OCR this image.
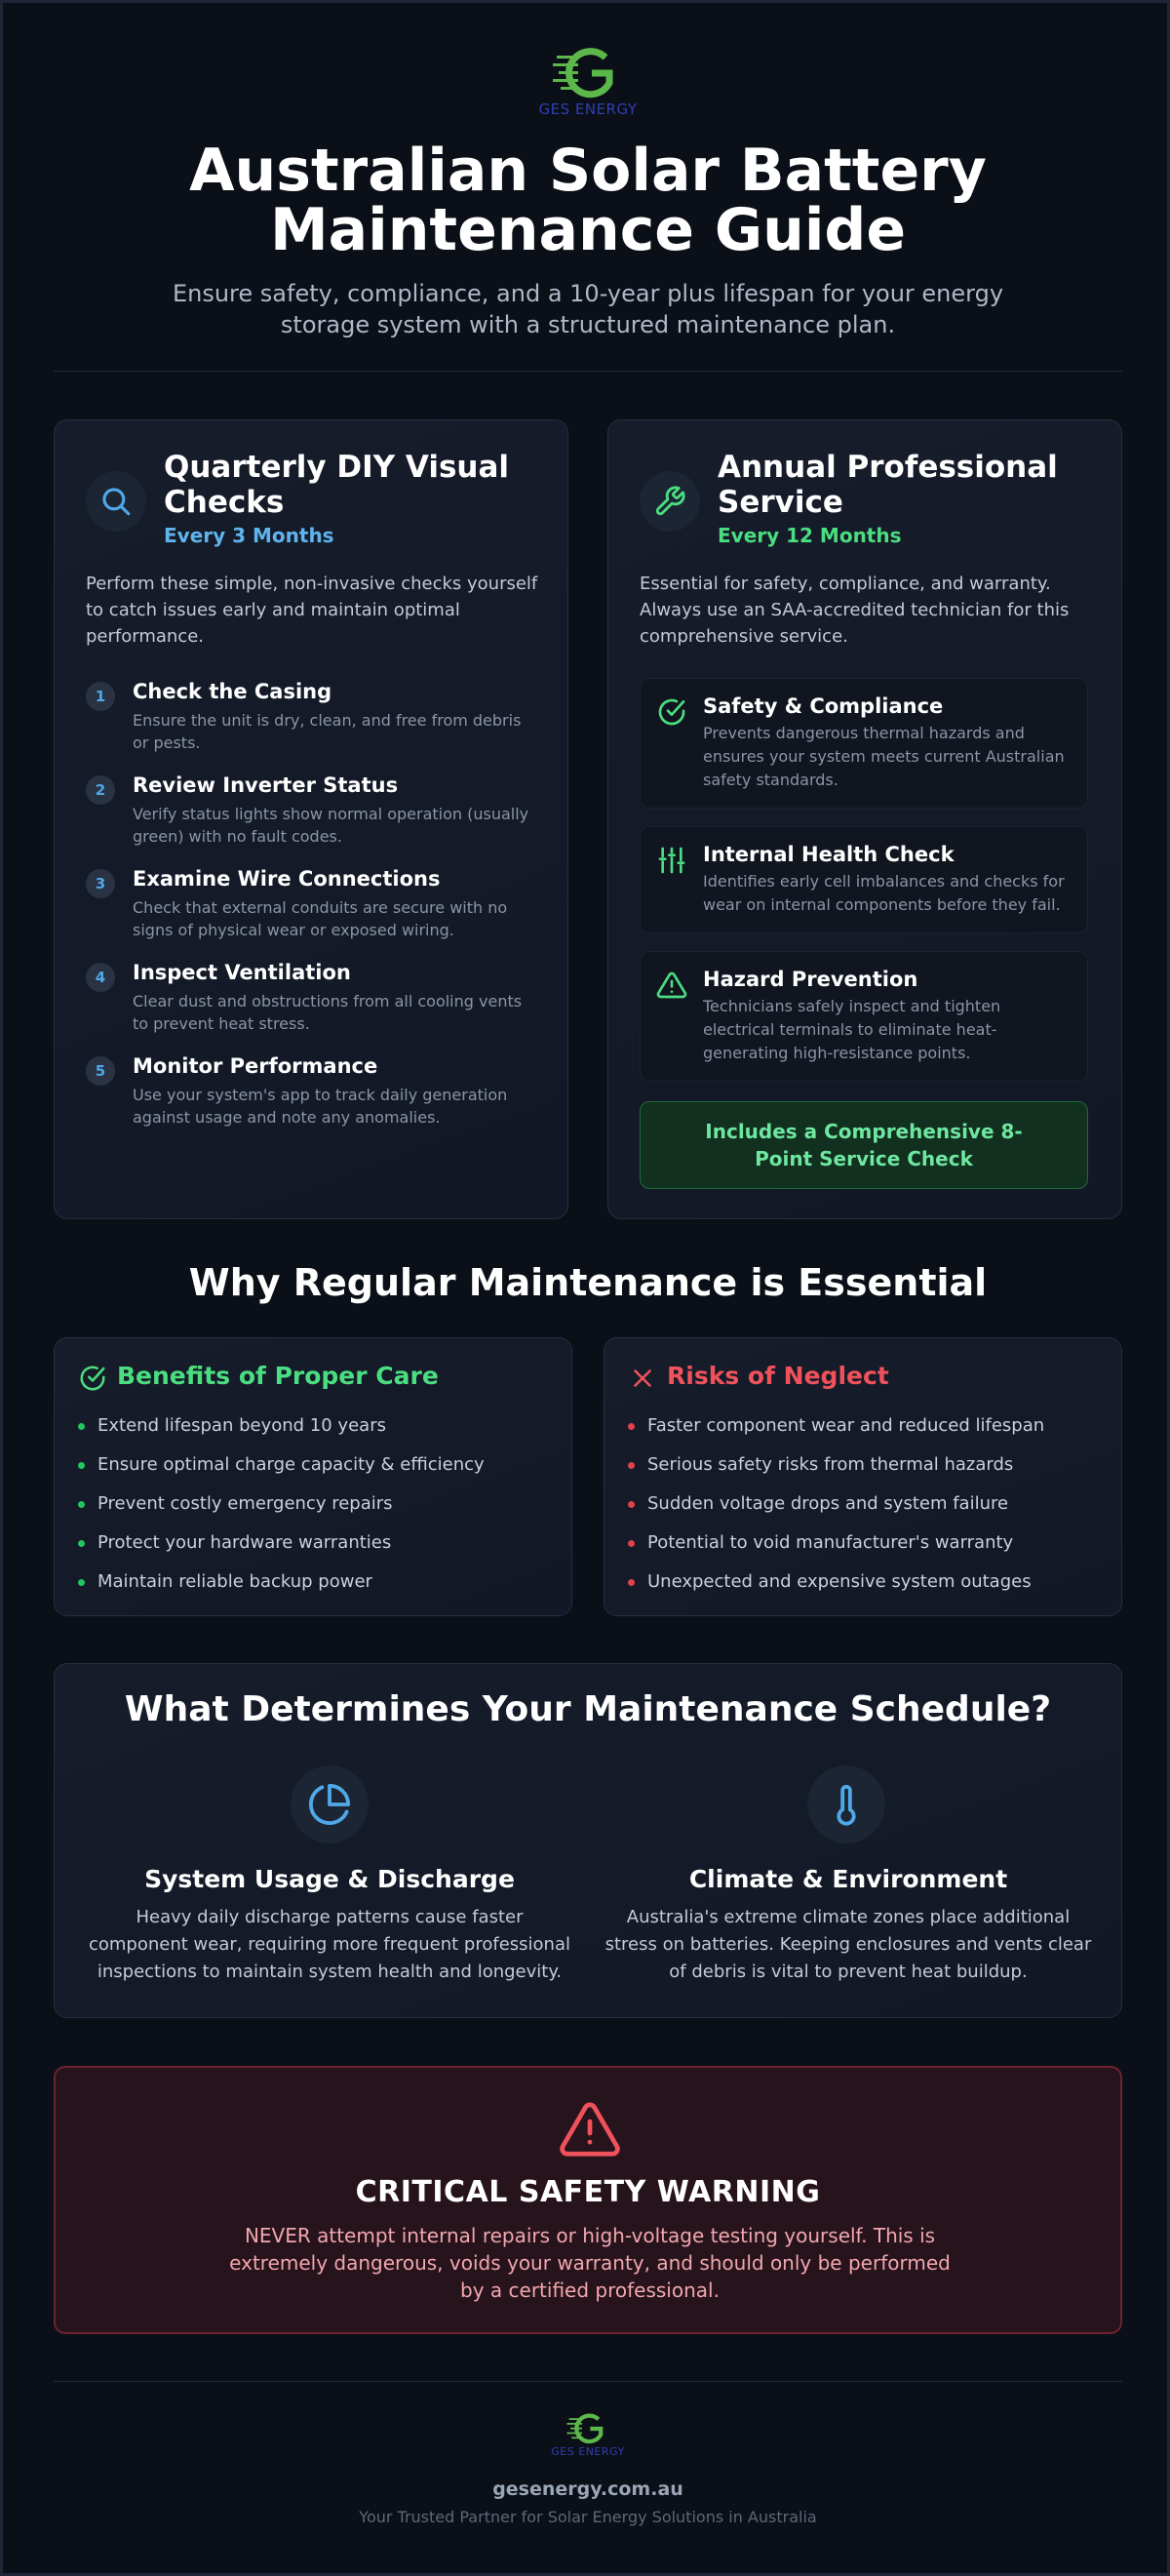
GES ENERGY
Australian Solar Battery
Maintenance Guide
Ensure safety, compliance, and a 10-year plus lifespan for your energy storage system with a structured maintenance plan.
Quarterly DIY Visual
Checks
Every 3 Months
Perform these simple, non-invasive checks yourself to catch issues early and maintain optimal performance.
1	Check the Casing
Ensure the unit is dry, clean, and free from debris or pests.
2	Review Inverter Status
Verify status lights show normal operation (usually green) with no fault codes.
3	Examine Wire Connections
Check that external conduits are secure with no signs of physical wear or exposed wiring.
4	Inspect Ventilation
Clear dust and obstructions from all cooling vents to prevent heat stress.
5	Monitor Performance
Use your system's app to track daily generation against usage and note any anomalies.
Annual Professional
Service
Every 12 Months
Essential for safety, compliance, and warranty. Always use an SAA-accredited technician for this comprehensive service.
Safety & Compliance
Prevents dangerous thermal hazards and ensures your system meets current Australian safety standards.
Internal Health Check
Identifies early cell imbalances and checks for wear on internal components before they fail.
Hazard Prevention
Technicians safely inspect and tighten electrical terminals to eliminate heat-generating high-resistance points.
Includes a Comprehensive 8-Point Service Check
Why Regular Maintenance is Essential
Benefits of Proper Care
Extend lifespan beyond 10 years
Ensure optimal charge capacity & efficiency
Prevent costly emergency repairs
Protect your hardware warranties
Maintain reliable backup power
Risks of Neglect
Faster component wear and reduced lifespan
Serious safety risks from thermal hazards
Sudden voltage drops and system failure
Potential to void manufacturer's warranty
Unexpected and expensive system outages
What Determines Your Maintenance Schedule?
System Usage & Discharge
Heavy daily discharge patterns cause faster component wear, requiring more frequent professional inspections to maintain system health and longevity.
Climate & Environment
Australia's extreme climate zones place additional stress on batteries. Keeping enclosures and vents clear of debris is vital to prevent heat buildup.
CRITICAL SAFETY WARNING
NEVER attempt internal repairs or high-voltage testing yourself. This is extremely dangerous, voids your warranty, and should only be performed by a certified professional.
GES ENERGY
gesenergy.com.au
Your Trusted Partner for Solar Energy Solutions in Australia
